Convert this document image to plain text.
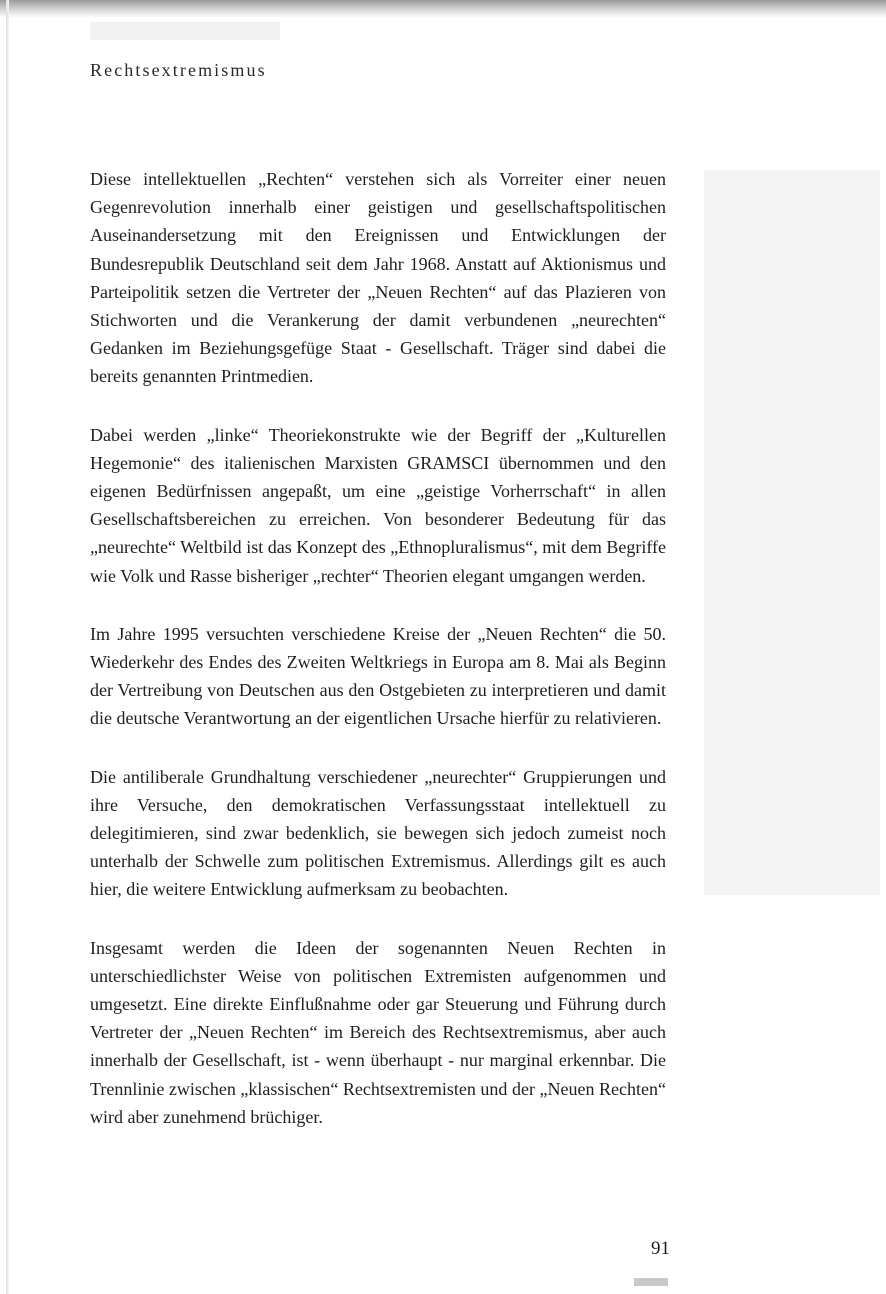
Rechtsextremismus

Diese intellektuellen „Rechten“ verstehen sich als Vorreiter einer neuen Gegenrevolution innerhalb einer geistigen und gesellschaftspolitischen Auseinandersetzung mit den Ereignissen und Entwicklungen der Bundesrepublik Deutschland seit dem Jahr 1968. Anstatt auf Aktionismus und Parteipolitik setzen die Vertreter der „Neuen Rechten“ auf das Plazieren von Stichworten und die Verankerung der damit verbundenen „neurechten“ Gedanken im Beziehungsgefüge Staat - Gesellschaft. Träger sind dabei die bereits genannten Printmedien.

Dabei werden „linke“ Theoriekonstrukte wie der Begriff der „Kulturellen Hegemonie“ des italienischen Marxisten GRAMSCI übernommen und den eigenen Bedürfnissen angepaßt, um eine „geistige Vorherrschaft“ in allen Gesellschaftsbereichen zu erreichen. Von besonderer Bedeutung für das „neurechte“ Weltbild ist das Konzept des „Ethnopluralismus“, mit dem Begriffe wie Volk und Rasse bisheriger „rechter“ Theorien elegant umgangen werden.

Im Jahre 1995 versuchten verschiedene Kreise der „Neuen Rechten“ die 50. Wiederkehr des Endes des Zweiten Weltkriegs in Europa am 8. Mai als Beginn der Vertreibung von Deutschen aus den Ostgebieten zu interpretieren und damit die deutsche Verantwortung an der eigentlichen Ursache hierfür zu relativieren.

Die antiliberale Grundhaltung verschiedener „neurechter“ Gruppierungen und ihre Versuche, den demokratischen Verfassungsstaat intellektuell zu delegitimieren, sind zwar bedenklich, sie bewegen sich jedoch zumeist noch unterhalb der Schwelle zum politischen Extremismus. Allerdings gilt es auch hier, die weitere Entwicklung aufmerksam zu beobachten.

Insgesamt werden die Ideen der sogenannten Neuen Rechten in unterschiedlichster Weise von politischen Extremisten aufgenommen und umgesetzt. Eine direkte Einflußnahme oder gar Steuerung und Führung durch Vertreter der „Neuen Rechten“ im Bereich des Rechtsextremismus, aber auch innerhalb der Gesellschaft, ist - wenn überhaupt - nur marginal erkennbar. Die Trennlinie zwischen „klassischen“ Rechtsextremisten und der „Neuen Rechten“ wird aber zunehmend brüchiger.

91
